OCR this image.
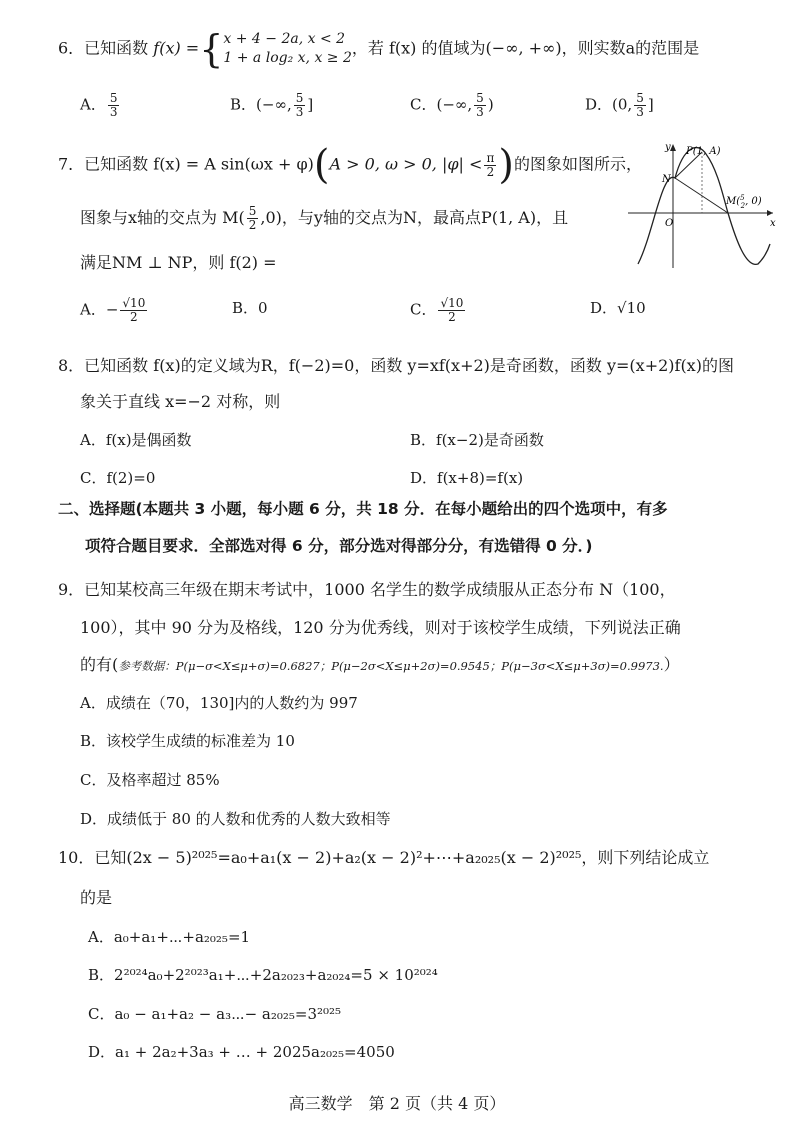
6．已知函数 f(x) ={x + 4 − 2a, x < 2
1 + a log₂ x, x ≥ 2，若 f(x) 的值域为(−∞, +∞)，则实数a的范围是
A． $\frac{5}{3}$	B．(−∞, $\frac{5}{3}$ ]	C．(−∞, $\frac{5}{3}$ )	D．(0, $\frac{5}{3}$ ]
7．已知函数 f(x) = A sin(ωx + φ)(A > 0, ω > 0, $|\varphi| < \frac{\pi}{2}$ )的图象如图所示，
图象与x轴的交点为 $M( \frac{5}{2} ,0)$，与y轴的交点为N，最高点P(1, A)，且
满足NM ⊥ NP，则 f(2) =
A．− $\frac{√10}{2}$	B．0	C． $\frac{√10}{2}$	D．√10
y
x
P(1, A)
N
O
M($^5$ 2, 0)
8．已知函数 f(x)的定义域为R，f(−2)=0，函数 y=xf(x+2)是奇函数，函数 y=(x+2)f(x)的图
象关于直线 x=−2 对称，则
A．f(x)是偶函数	B．f(x−2)是奇函数
C．f(2)=0	D．f(x+8)=f(x)
二、选择题(本题共 3 小题，每小题 6 分，共 18 分．在每小题给出的四个选项中，有多
项符合题目要求．全部选对得 6 分，部分选对得部分分，有选错得 0 分．)
9．已知某校高三年级在期末考试中，1000 名学生的数学成绩服从正态分布 N（100，
100），其中 90 分为及格线，120 分为优秀线，则对于该校学生成绩，下列说法正确
的有(参考数据：P(μ−σ<X≤μ+σ)=0.6827；P(μ−2σ<X≤μ+2σ)=0.9545；P(μ−3σ<X≤μ+3σ)=0.9973.）
A．成绩在（70，130]内的人数约为 997
B．该校学生成绩的标准差为 10
C．及格率超过 85%
D．成绩低于 80 的人数和优秀的人数大致相等
10．已知(2x − 5)²⁰²⁵=a₀+a₁(x − 2)+a₂(x − 2)²+⋯+a₂₀₂₅(x − 2)²⁰²⁵，则下列结论成立
的是
A．a₀+a₁+⋯+a₂₀₂₅=1
B．2²⁰²⁴a₀+2²⁰²³a₁+⋯+2a₂₀₂₃+a₂₀₂₄=5 × 10²⁰²⁴
C．a₀ − a₁+a₂ − a₃⋯− a₂₀₂₅=3²⁰²⁵
D．a₁ + 2a₂+3a₃ + … + 2025a₂₀₂₅=4050
高三数学　第 2 页（共 4 页）
